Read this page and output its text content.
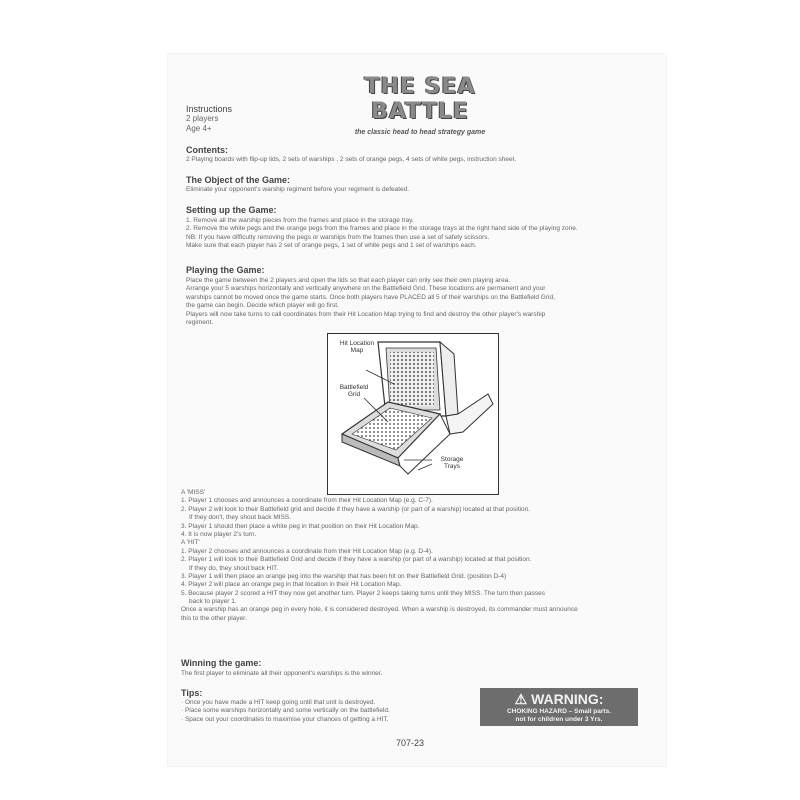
THE SEA
BATTLE
the classic head to head strategy game
Instructions
2 players
Age 4+
Contents:
2 Playing boards with flip-up lids, 2 sets of warships , 2 sets of orange pegs, 4 sets of white pegs, instruction sheet.
The Object of the Game:
Eliminate your opponent's warship regiment before your regiment is defeated.
Setting up the Game:
1. Remove all the warship pieces from the frames and place in the storage tray.
2. Remove the white pegs and the orange pegs from the frames and place in the storage trays at the right hand side of the playing zone.
NB: If you have difficulty removing the pegs or warships from the frames then use a set of safety scissors.
Make sure that each player has 2 set of orange pegs, 1 set of white pegs and 1 set of warships each.
Playing the Game:
Place the game between the 2 players and open the lids so that each player can only see their own playing area.
Arrange your 5 warships horizontally and vertically anywhere on the Battlefield Grid. These locations are permanent and your
warships cannot be moved once the game starts. Once both players have PLACED all 5 of their warships on the Battlefield Grid,
the game can begin. Decide which player will go first.
Players will now take turns to call coordinates from their Hit Location Map trying to find and destroy the other player's warship
regiment.
Hit Location
Map
Battlefield
Grid
Storage
Trays
A 'MISS'
1. Player 1 chooses and announces a coordinate from their Hit Location Map (e.g. C-7).
2. Player 2 will look to their Battlefield grid and decide if they have a warship (or part of a warship) located at that position.
If they don't, they shout back MISS.
3. Player 1 should then place a white peg in that position on their Hit Location Map.
4. It is now player 2's turn.
A 'HIT'
1. Player 2 chooses and announces a coordinate from their Hit Location Map (e.g. D-4).
2. Player 1 will look to their Battlefield Grid and decide if they have a warship (or part of a warship) located at that position.
If they do, they shout back HIT.
3. Player 1 will then place an orange peg into the warship that has been hit on their Battlefield Grid. (position D-4)
4. Player 2 will place an orange peg in that location in their Hit Location Map.
5. Because player 2 scored a HIT they now get another turn. Player 2 keeps taking turns until they MISS. The turn then passes
back to player 1.
Once a warship has an orange peg in every hole, it is considered destroyed. When a warship is destroyed, its commander must announce
this to the other player.
Winning the game:
The first player to eliminate all their opponent's warships is the winner.
Tips:
· Once you have made a HIT keep going until that unit is destroyed.
· Place some warships horizontally and some vertically on the battlefield.
· Space out your coordinates to maximise your chances of getting a HIT.
⚠ WARNING:
CHOKING HAZARD – Small parts.
not for children under 3 Yrs.
707-23
